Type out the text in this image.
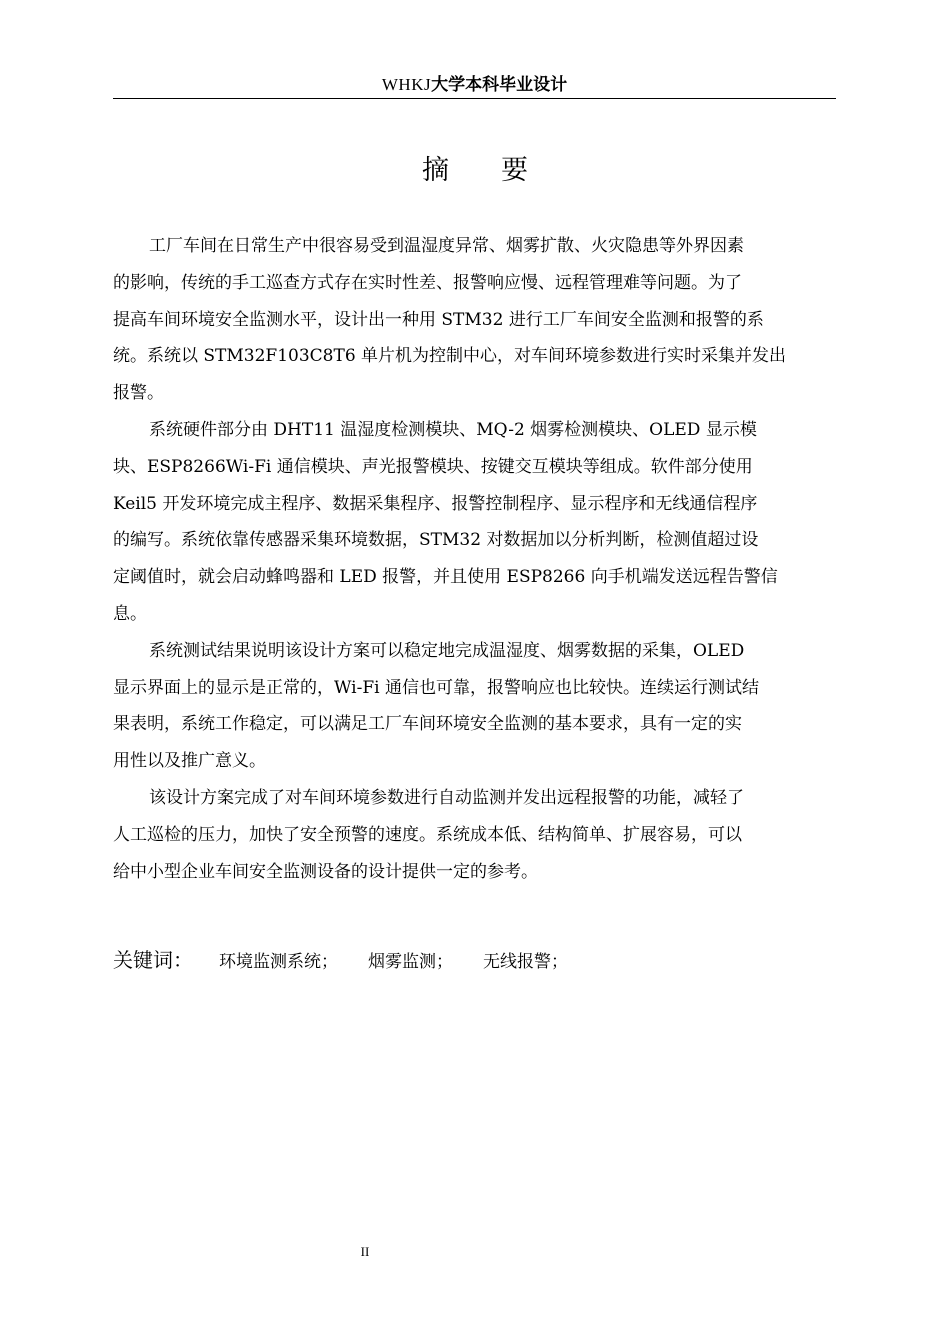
WHKJ大学本科毕业设计
摘 要
工厂车间在日常生产中很容易受到温湿度异常、烟雾扩散、火灾隐患等外界因素
的影响，传统的手工巡查方式存在实时性差、报警响应慢、远程管理难等问题。为了
提高车间环境安全监测水平，设计出一种用 STM32 进行工厂车间安全监测和报警的系
统。系统以 STM32F103C8T6 单片机为控制中心，对车间环境参数进行实时采集并发出
报警。
系统硬件部分由 DHT11 温湿度检测模块、MQ-2 烟雾检测模块、OLED 显示模
块、ESP8266Wi-Fi 通信模块、声光报警模块、按键交互模块等组成。软件部分使用
Keil5 开发环境完成主程序、数据采集程序、报警控制程序、显示程序和无线通信程序
的编写。系统依靠传感器采集环境数据，STM32 对数据加以分析判断，检测值超过设
定阈值时，就会启动蜂鸣器和 LED 报警，并且使用 ESP8266 向手机端发送远程告警信
息。
系统测试结果说明该设计方案可以稳定地完成温湿度、烟雾数据的采集，OLED
显示界面上的显示是正常的，Wi-Fi 通信也可靠，报警响应也比较快。连续运行测试结
果表明，系统工作稳定，可以满足工厂车间环境安全监测的基本要求，具有一定的实
用性以及推广意义。
该设计方案完成了对车间环境参数进行自动监测并发出远程报警的功能，减轻了
人工巡检的压力，加快了安全预警的速度。系统成本低、结构简单、扩展容易，可以
给中小型企业车间安全监测设备的设计提供一定的参考。
关键词： 环境监测系统； 烟雾监测； 无线报警；
II
